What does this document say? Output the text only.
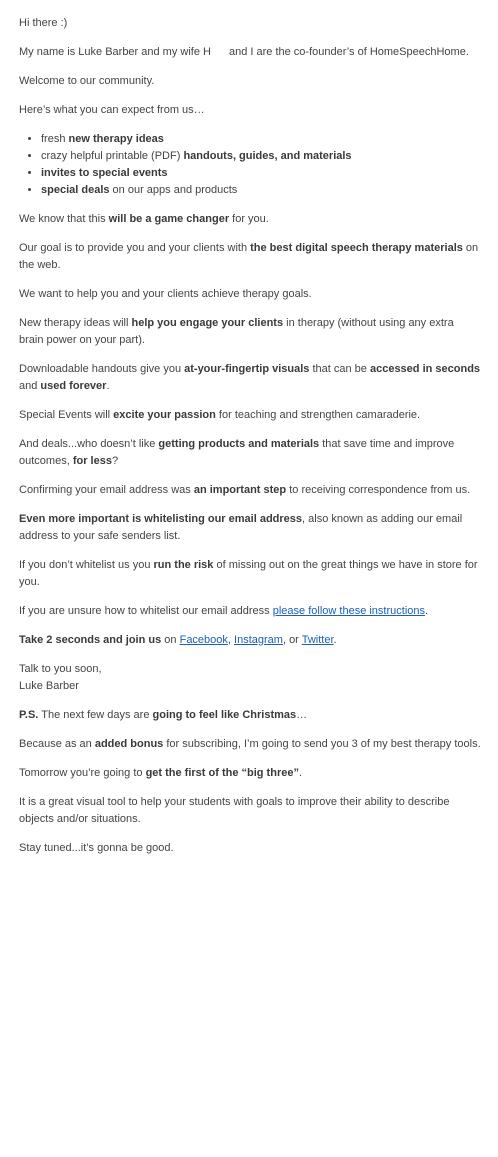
Hi there :)

My name is Luke Barber and my wife H and I are the co-founder’s of HomeSpeechHome.

Welcome to our community.

Here’s what you can expect from us…

• fresh new therapy ideas
• crazy helpful printable (PDF) handouts, guides, and materials
• invites to special events
• special deals on our apps and products

We know that this will be a game changer for you.

Our goal is to provide you and your clients with the best digital speech therapy materials on the web.

We want to help you and your clients achieve therapy goals.

New therapy ideas will help you engage your clients in therapy (without using any extra brain power on your part).

Downloadable handouts give you at-your-fingertip visuals that can be accessed in seconds and used forever.

Special Events will excite your passion for teaching and strengthen camaraderie.

And deals...who doesn’t like getting products and materials that save time and improve outcomes, for less?

Confirming your email address was an important step to receiving correspondence from us.

Even more important is whitelisting our email address, also known as adding our email address to your safe senders list.

If you don’t whitelist us you run the risk of missing out on the great things we have in store for you.

If you are unsure how to whitelist our email address please follow these instructions.

Take 2 seconds and join us on Facebook, Instagram, or Twitter.

Talk to you soon,
Luke Barber

P.S. The next few days are going to feel like Christmas…

Because as an added bonus for subscribing, I’m going to send you 3 of my best therapy tools.

Tomorrow you’re going to get the first of the “big three”.

It is a great visual tool to help your students with goals to improve their ability to describe objects and/or situations.

Stay tuned...it’s gonna be good.
